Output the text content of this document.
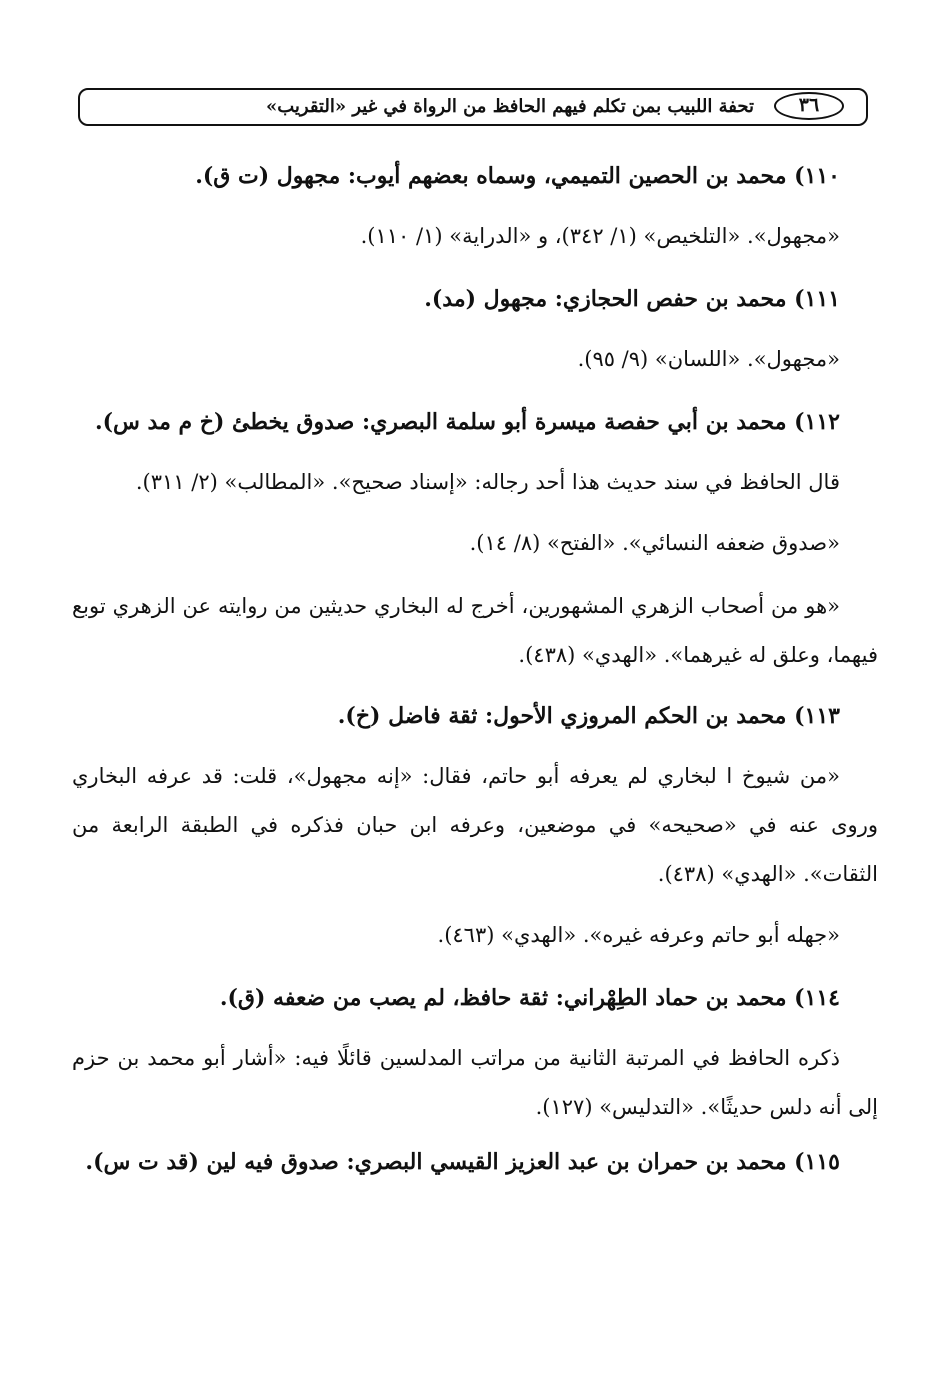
٣٦
تحفة اللبيب بمن تكلم فيهم الحافظ من الرواة في غير «التقريب»

١١٠) محمد بن الحصين التميمي، وسماه بعضهم أيوب: مجهول (ت ق).

«مجهول». «التلخيص» (١/ ٣٤٢)، و «الدراية» (١/ ١١٠).

١١١) محمد بن حفص الحجازي: مجهول (مد).

«مجهول». «اللسان» (٩/ ٩٥).

١١٢) محمد بن أبي حفصة ميسرة أبو سلمة البصري: صدوق يخطئ (خ م مد س).

قال الحافظ في سند حديث هذا أحد رجاله: «إسناد صحيح». «المطالب» (٢/ ٣١١).

«صدوق ضعفه النسائي». «الفتح» (٨/ ١٤).

«هو من أصحاب الزهري المشهورين، أخرج له البخاري حديثين من روايته عن الزهري توبع فيهما، وعلق له غيرهما». «الهدي» (٤٣٨).

١١٣) محمد بن الحكم المروزي الأحول: ثقة فاضل (خ).

«من شيوخ ا لبخاري لم يعرفه أبو حاتم، فقال: «إنه مجهول»، قلت: قد عرفه البخاري وروى عنه في «صحيحه» في موضعين، وعرفه ابن حبان فذكره في الطبقة الرابعة من الثقات». «الهدي» (٤٣٨).

«جهله أبو حاتم وعرفه غيره». «الهدي» (٤٦٣).

١١٤) محمد بن حماد الطِهْراني: ثقة حافظ، لم يصب من ضعفه (ق).

ذكره الحافظ في المرتبة الثانية من مراتب المدلسين قائلًا فيه: «أشار أبو محمد بن حزم إلى أنه دلس حديثًا». «التدليس» (١٢٧).

١١٥) محمد بن حمران بن عبد العزيز القيسي البصري: صدوق فيه لين (قد ت س).
